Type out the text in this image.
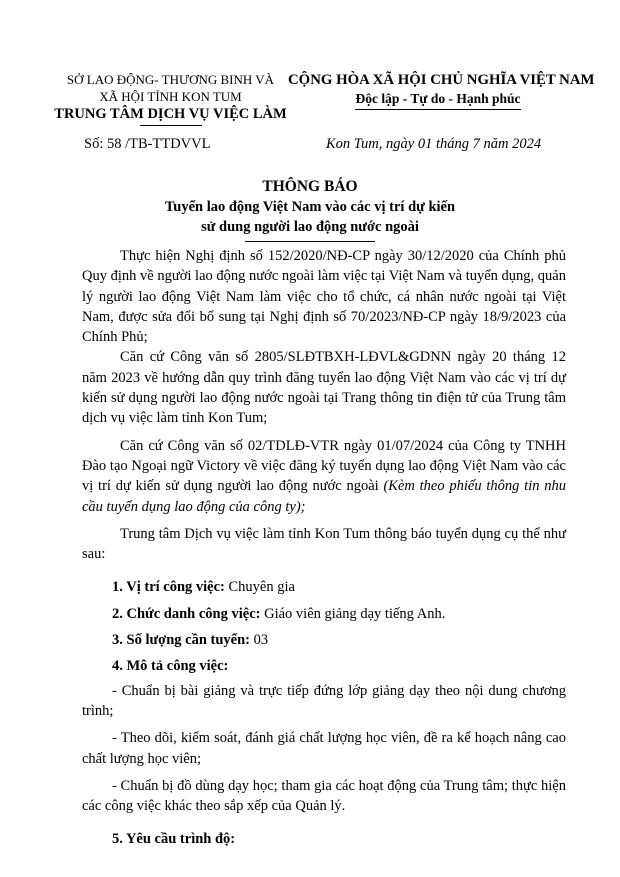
SỞ LAO ĐỘNG- THƯƠNG BINH VÀ
XÃ HỘI TỈNH KON TUM
TRUNG TÂM DỊCH VỤ VIỆC LÀM
CỘNG HÒA XÃ HỘI CHỦ NGHĨA VIỆT NAM
Độc lập - Tự do - Hạnh phúc
Số: 58 /TB-TTDVVL	Kon Tum, ngày 01 tháng 7 năm 2024
THÔNG BÁO
Tuyển lao động Việt Nam vào các vị trí dự kiến
sử dung người lao động nước ngoài

Thực hiện Nghị định số 152/2020/NĐ-CP ngày 30/12/2020 của Chính phủ Quy định về người lao động nước ngoài làm việc tại Việt Nam và tuyển dụng, quản lý người lao động Việt Nam làm việc cho tổ chức, cá nhân nước ngoài tại Việt Nam, được sửa đổi bổ sung tại Nghị định số 70/2023/NĐ-CP ngày 18/9/2023 của Chính Phủ;

Căn cứ Công văn số 2805/SLĐTBXH-LĐVL&GDNN ngày 20 tháng 12 năm 2023 về hướng dẫn quy trình đăng tuyển lao động Việt Nam vào các vị trí dự kiến sử dụng người lao động nước ngoài tại Trang thông tin điện tử của Trung tâm dịch vụ việc làm tỉnh Kon Tum;

Căn cứ Công văn số 02/TDLĐ-VTR ngày 01/07/2024 của Công ty TNHH Đào tạo Ngoại ngữ Victory về việc đăng ký tuyển dụng lao động Việt Nam vào các vị trí dự kiến sử dụng người lao động nước ngoài (Kèm theo phiếu thông tin nhu cầu tuyển dụng lao động của công ty);

Trung tâm Dịch vụ việc làm tỉnh Kon Tum thông báo tuyển dụng cụ thể như sau:

1. Vị trí công việc: Chuyên gia

2. Chức danh công việc: Giáo viên giảng dạy tiếng Anh.

3. Số lượng cần tuyển: 03

4. Mô tả công việc:

- Chuẩn bị bài giảng và trực tiếp đứng lớp giảng dạy theo nội dung chương trình;

- Theo dõi, kiểm soát, đánh giá chất lượng học viên, đề ra kế hoạch nâng cao chất lượng học viên;

- Chuẩn bị đồ dùng dạy học; tham gia các hoạt động của Trung tâm; thực hiện các công việc khác theo sắp xếp của Quản lý.

5. Yêu cầu trình độ:
